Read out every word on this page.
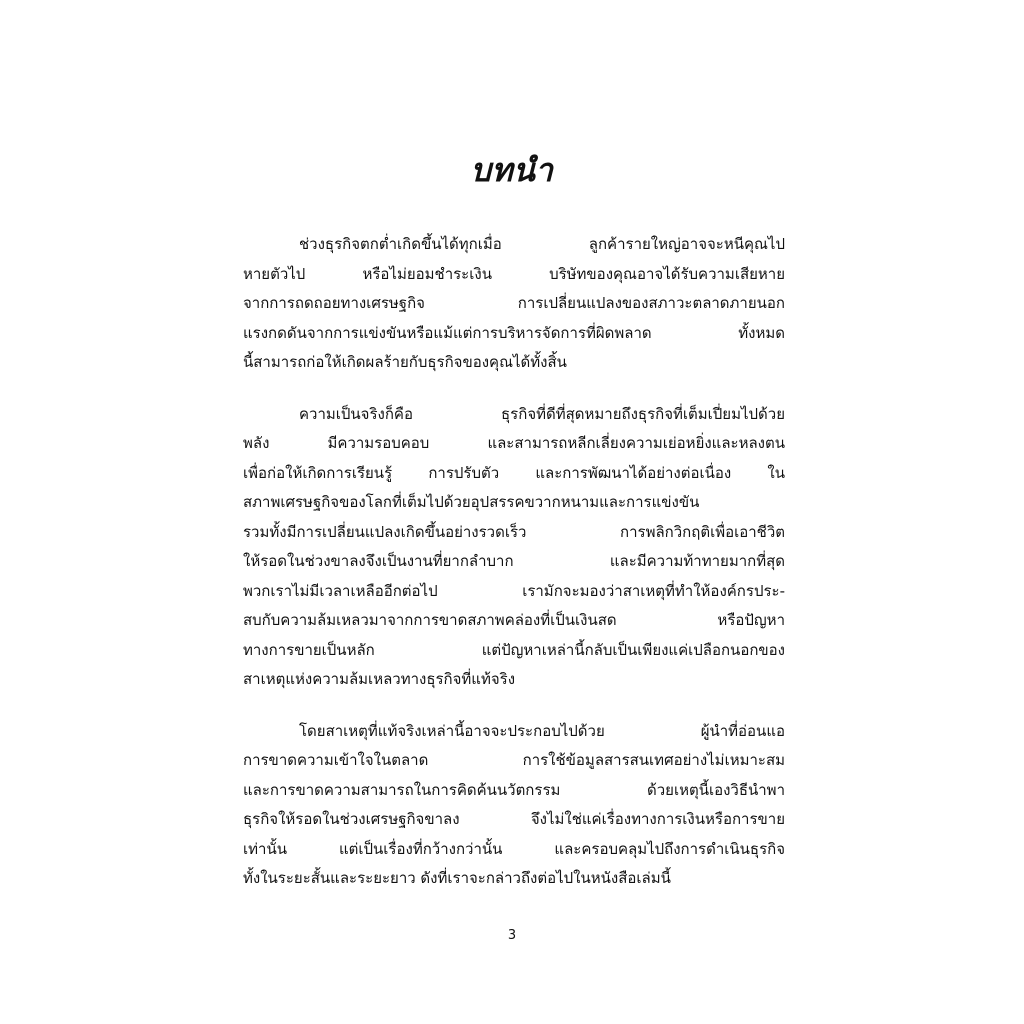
บทนำ
ช่วงธุรกิจตกต่ำเกิดขึ้นได้ทุกเมื่อ ลูกค้ารายใหญ่อาจจะหนีคุณไป
หายตัวไป หรือไม่ยอมชำระเงิน บริษัทของคุณอาจได้รับความเสียหาย
จากการถดถอยทางเศรษฐกิจ การเปลี่ยนแปลงของสภาวะตลาดภายนอก
แรงกดดันจากการแข่งขันหรือแม้แต่การบริหารจัดการที่ผิดพลาด ทั้งหมด
นี้สามารถก่อให้เกิดผลร้ายกับธุรกิจของคุณได้ทั้งสิ้น
ความเป็นจริงก็คือ ธุรกิจที่ดีที่สุดหมายถึงธุรกิจที่เต็มเปี่ยมไปด้วย
พลัง มีความรอบคอบ และสามารถหลีกเลี่ยงความเย่อหยิ่งและหลงตน
เพื่อก่อให้เกิดการเรียนรู้ การปรับตัว และการพัฒนาได้อย่างต่อเนื่อง ใน
สภาพเศรษฐกิจของโลกที่เต็มไปด้วยอุปสรรคขวากหนามและการแข่งขัน
รวมทั้งมีการเปลี่ยนแปลงเกิดขึ้นอย่างรวดเร็ว การพลิกวิกฤติเพื่อเอาชีวิต
ให้รอดในช่วงขาลงจึงเป็นงานที่ยากลำบาก และมีความท้าทายมากที่สุด
พวกเราไม่มีเวลาเหลืออีกต่อไป เรามักจะมองว่าสาเหตุที่ทำให้องค์กรประ-
สบกับความล้มเหลวมาจากการขาดสภาพคล่องที่เป็นเงินสด หรือปัญหา
ทางการขายเป็นหลัก แต่ปัญหาเหล่านี้กลับเป็นเพียงแค่เปลือกนอกของ
สาเหตุแห่งความล้มเหลวทางธุรกิจที่แท้จริง
โดยสาเหตุที่แท้จริงเหล่านี้อาจจะประกอบไปด้วย ผู้นำที่อ่อนแอ
การขาดความเข้าใจในตลาด การใช้ข้อมูลสารสนเทศอย่างไม่เหมาะสม
และการขาดความสามารถในการคิดค้นนวัตกรรม ด้วยเหตุนี้เองวิธีนำพา
ธุรกิจให้รอดในช่วงเศรษฐกิจขาลง จึงไม่ใช่แค่เรื่องทางการเงินหรือการขาย
เท่านั้น แต่เป็นเรื่องที่กว้างกว่านั้น และครอบคลุมไปถึงการดำเนินธุรกิจ
ทั้งในระยะสั้นและระยะยาว ดังที่เราจะกล่าวถึงต่อไปในหนังสือเล่มนี้
3
